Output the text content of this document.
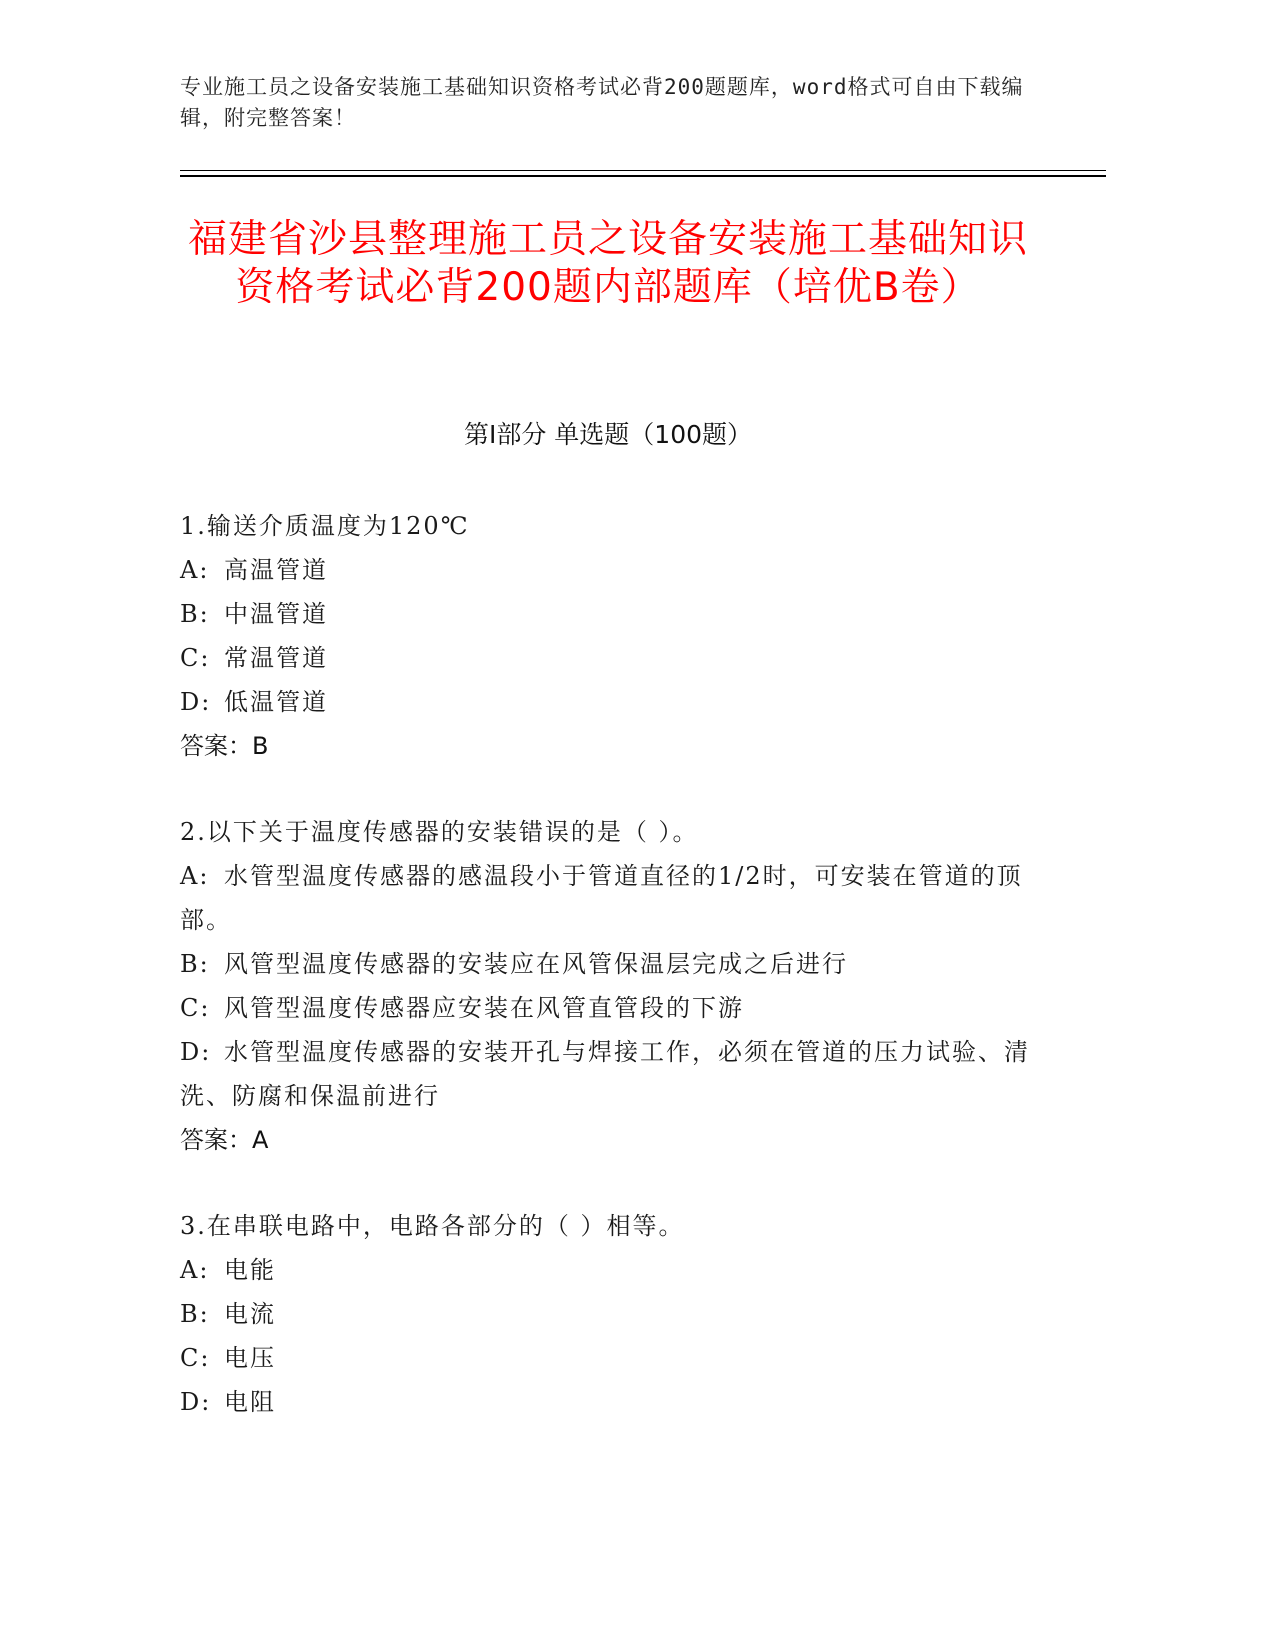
专业施工员之设备安装施工基础知识资格考试必背200题题库，word格式可自由下载编辑，附完整答案！
福建省沙县整理施工员之设备安装施工基础知识资格考试必背200题内部题库（培优B卷）
第Ⅰ部分 单选题（100题）
1.输送介质温度为120℃
A: 高温管道
B: 中温管道
C: 常温管道
D: 低温管道
答案：B
2.以下关于温度传感器的安装错误的是（ ）。
A: 水管型温度传感器的感温段小于管道直径的1/2时，可安装在管道的顶部。
B: 风管型温度传感器的安装应在风管保温层完成之后进行
C: 风管型温度传感器应安装在风管直管段的下游
D: 水管型温度传感器的安装开孔与焊接工作，必须在管道的压力试验、清洗、防腐和保温前进行
答案：A
3.在串联电路中，电路各部分的（ ）相等。
A: 电能
B: 电流
C: 电压
D: 电阻
